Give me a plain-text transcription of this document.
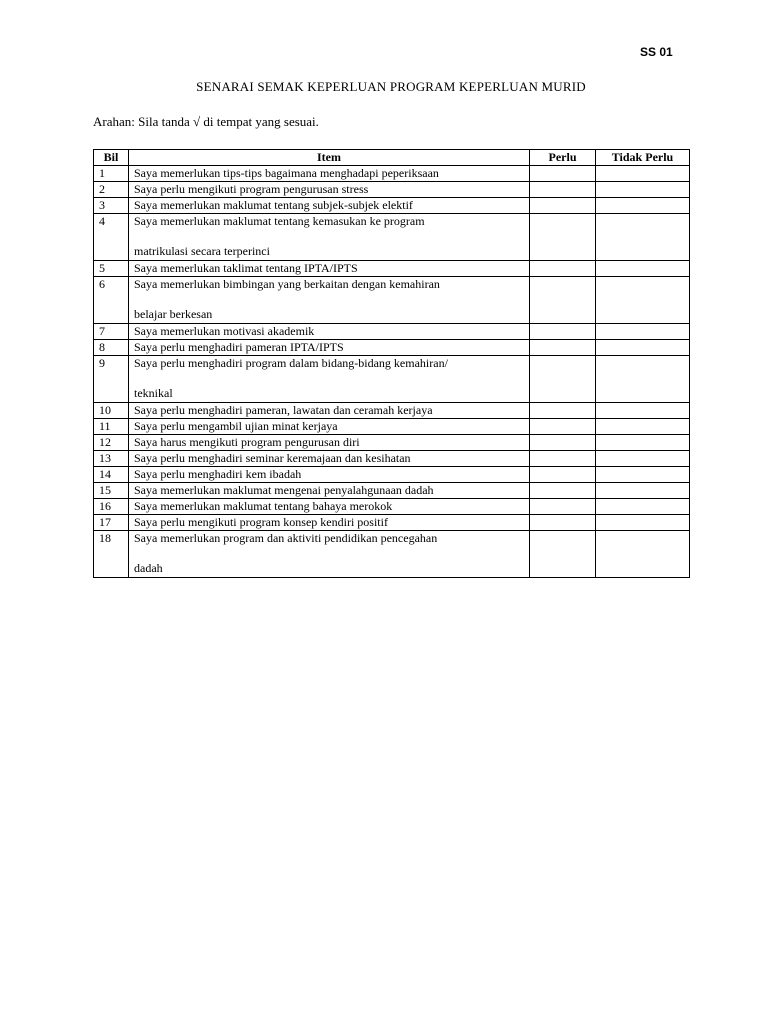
SS 01
SENARAI SEMAK KEPERLUAN PROGRAM KEPERLUAN MURID
Arahan: Sila tanda √ di tempat yang sesuai.
Bil	Item	Perlu	Tidak Perlu
1	Saya memerlukan tips-tips bagaimana menghadapi peperiksaan		
2	Saya perlu mengikuti program pengurusan stress		
3	Saya memerlukan maklumat tentang subjek-subjek elektif		
4	Saya memerlukan maklumat tentang kemasukan ke program
matrikulasi secara terperinci		

5	Saya memerlukan taklimat tentang IPTA/IPTS		
6	Saya memerlukan bimbingan yang berkaitan dengan kemahiran
belajar berkesan		

7	Saya memerlukan motivasi akademik		
8	Saya perlu menghadiri pameran IPTA/IPTS		
9	Saya perlu menghadiri program dalam bidang-bidang kemahiran/
teknikal		

10	Saya perlu menghadiri pameran, lawatan dan ceramah kerjaya		
11	Saya perlu mengambil ujian minat kerjaya		
12	Saya harus mengikuti program pengurusan diri		
13	Saya perlu menghadiri seminar keremajaan dan kesihatan		
14	Saya perlu menghadiri kem ibadah		
15	Saya memerlukan maklumat mengenai penyalahgunaan dadah		
16	Saya memerlukan maklumat tentang bahaya merokok		
17	Saya perlu mengikuti program konsep kendiri positif		
18	Saya memerlukan program dan aktiviti pendidikan pencegahan
dadah		
